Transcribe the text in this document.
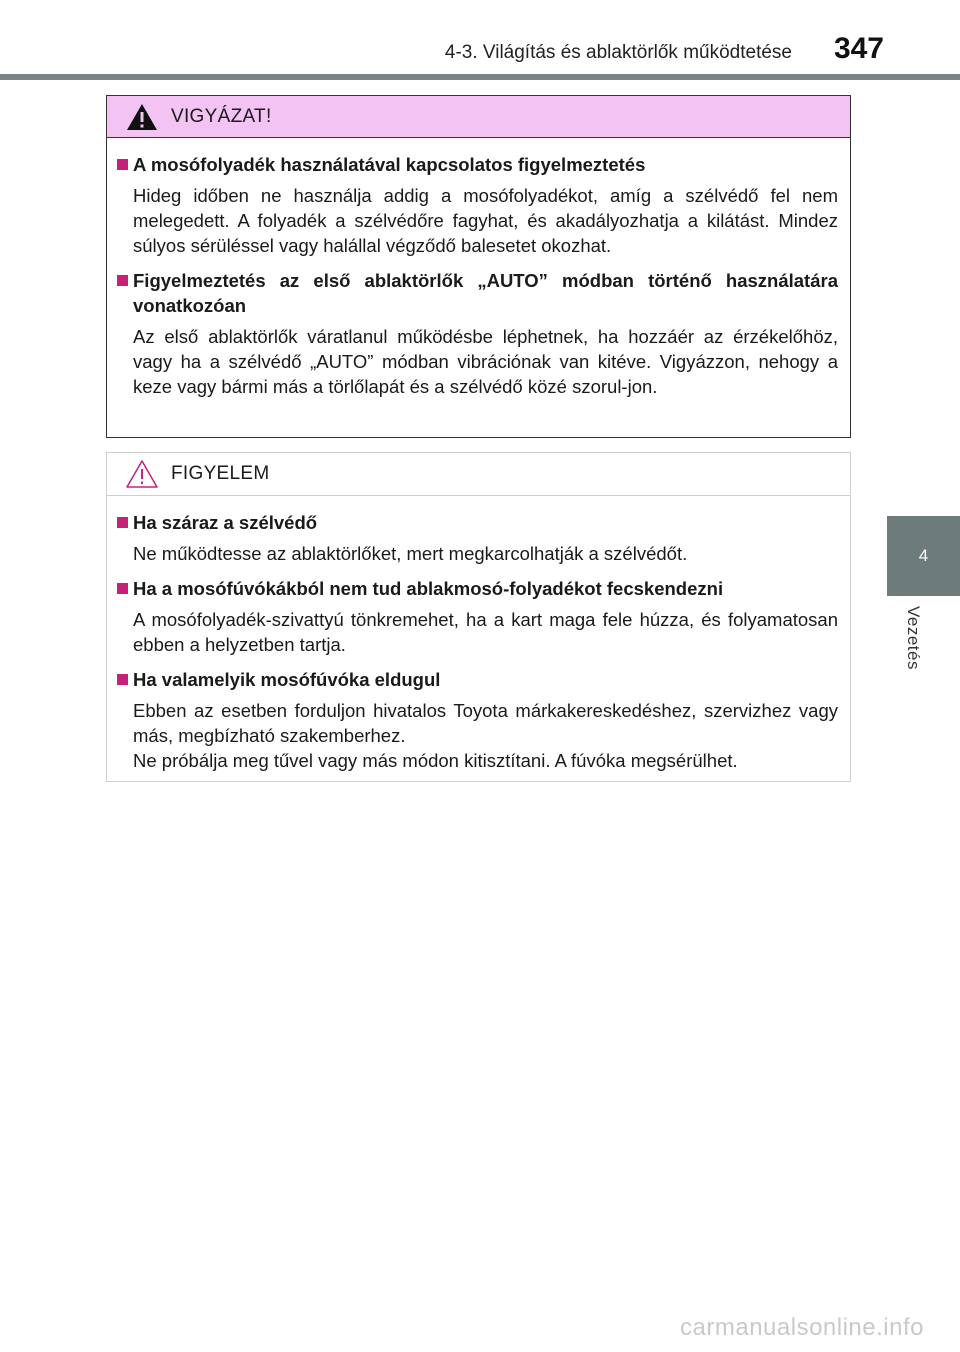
4-3. Világítás és ablaktörlők működtetése 347
4
Vezetés
VIGYÁZAT!
A mosófolyadék használatával kapcsolatos figyelmeztetés

Hideg időben ne használja addig a mosófolyadékot, amíg a szélvédő fel nem melegedett. A folyadék a szélvédőre fagyhat, és akadályozhatja a kilátást. Mindez súlyos sérüléssel vagy halállal végződő balesetet okozhat.

Figyelmeztetés az első ablaktörlők „AUTO” módban történő használatára vonatkozóan

Az első ablaktörlők váratlanul működésbe léphetnek, ha hozzáér az érzékelőhöz, vagy ha a szélvédő „AUTO” módban vibrációnak van kitéve. Vigyázzon, nehogy a keze vagy bármi más a törlőlapát és a szélvédő közé szorul-jon.

FIGYELEM
Ha száraz a szélvédő

Ne működtesse az ablaktörlőket, mert megkarcolhatják a szélvédőt.

Ha a mosófúvókákból nem tud ablakmosó-folyadékot fecskendezni

A mosófolyadék-szivattyú tönkremehet, ha a kart maga fele húzza, és folyamatosan ebben a helyzetben tartja.

Ha valamelyik mosófúvóka eldugul

Ebben az esetben forduljon hivatalos Toyota márkakereskedéshez, szervizhez vagy más, megbízható szakemberhez.

Ne próbálja meg tűvel vagy más módon kitisztítani. A fúvóka megsérülhet.

carmanualsonline.info
